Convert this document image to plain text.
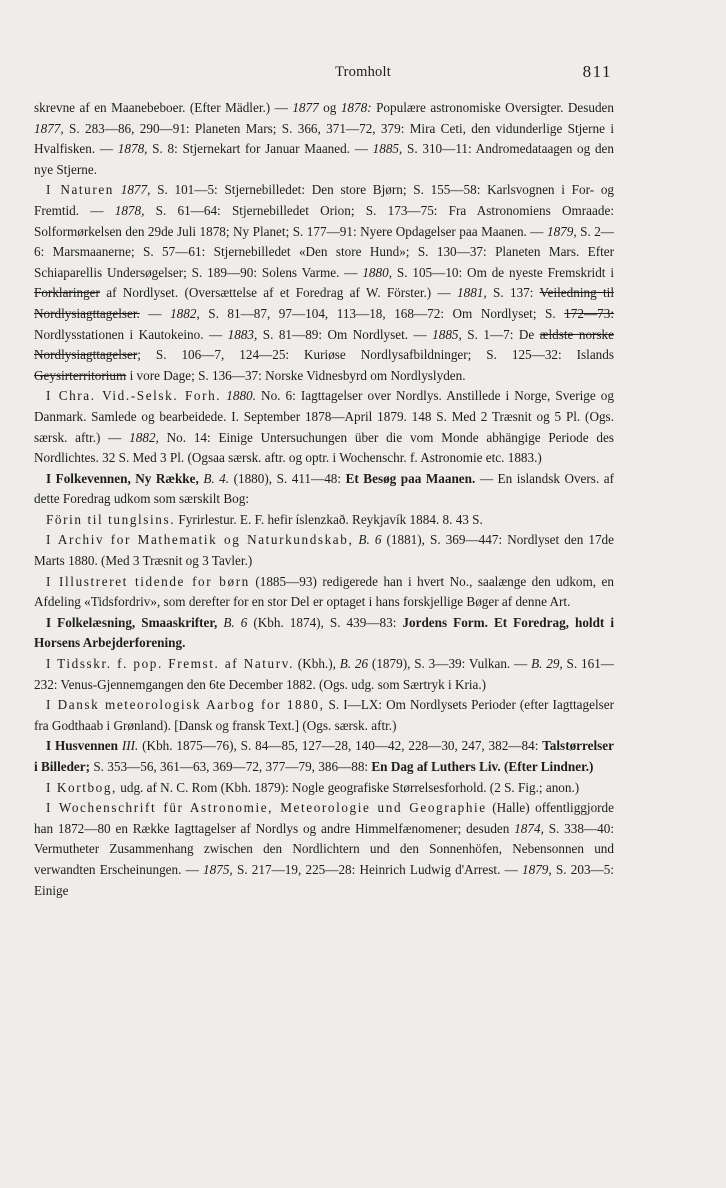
Tromholt	811

skrevne af en Maanebeboer. (Efter Mädler.) — 1877 og 1878: Populære astronomiske Oversigter. Desuden 1877, S. 283—86, 290—91: Planeten Mars; S. 366, 371—72, 379: Mira Ceti, den vidunderlige Stjerne i Hvalfisken. — 1878, S. 8: Stjernekart for Januar Maaned. — 1885, S. 310—11: Andromedataagen og den nye Stjerne.

I Naturen 1877, S. 101—5: Stjernebilledet: Den store Bjørn; S. 155—58: Karlsvognen i For- og Fremtid. — 1878, S. 61—64: Stjernebilledet Orion; S. 173—75: Fra Astronomiens Omraade: Solformørkelsen den 29de Juli 1878; Ny Planet; S. 177—91: Nyere Opdagelser paa Maanen. — 1879, S. 2—6: Marsmaanerne; S. 57—61: Stjernebilledet «Den store Hund»; S. 130—37: Planeten Mars. Efter Schiaparellis Undersøgelser; S. 189—90: Solens Varme. — 1880, S. 105—10: Om de nyeste Fremskridt i Forklaringer af Nordlyset. (Oversættelse af et Foredrag af W. Förster.) — 1881, S. 137: Veiledning til Nordlysiagttagelser. — 1882, S. 81—87, 97—104, 113—18, 168—72: Om Nordlyset; S. 172—73: Nordlysstationen i Kautokeino. — 1883, S. 81—89: Om Nordlyset. — 1885, S. 1—7: De ældste norske Nordlysiagttagelser; S. 106—7, 124—25: Kuriøse Nordlysafbildninger; S. 125—32: Islands Geysirterritorium i vore Dage; S. 136—37: Norske Vidnesbyrd om Nordlyslyden.

I Chra. Vid.-Selsk. Forh. 1880. No. 6: Iagttagelser over Nordlys. Anstillede i Norge, Sverige og Danmark. Samlede og bearbeidede. I. September 1878—April 1879. 148 S. Med 2 Træsnit og 5 Pl. (Ogs. særsk. aftr.) — 1882, No. 14: Einige Untersuchungen über die vom Monde abhängige Periode des Nordlichtes. 32 S. Med 3 Pl. (Ogsaa særsk. aftr. og optr. i Wochenschr. f. Astronomie etc. 1883.)

I Folkevennen, Ny Række, B. 4. (1880), S. 411—48: Et Besøg paa Maanen. — En islandsk Overs. af dette Foredrag udkom som særskilt Bog:

Förin til tunglsins. Fyrirlestur. E. F. hefir íslenzkað. Reykjavík 1884. 8. 43 S.

I Archiv for Mathematik og Naturkundskab, B. 6 (1881), S. 369—447: Nordlyset den 17de Marts 1880. (Med 3 Træsnit og 3 Tavler.)

I Illustreret tidende for børn (1885—93) redigerede han i hvert No., saalænge den udkom, en Afdeling «Tidsfordriv», som derefter for en stor Del er optaget i hans forskjellige Bøger af denne Art.

I Folkelæsning, Smaaskrifter, B. 6 (Kbh. 1874), S. 439—83: Jordens Form. Et Foredrag, holdt i Horsens Arbejderforening.

I Tidsskr. f. pop. Fremst. af Naturv. (Kbh.), B. 26 (1879), S. 3—39: Vulkan. — B. 29, S. 161—232: Venus-Gjennemgangen den 6te December 1882. (Ogs. udg. som Særtryk i Kria.)

I Dansk meteorologisk Aarbog for 1880, S. I—LX: Om Nordlysets Perioder (efter Iagttagelser fra Godthaab i Grønland). [Dansk og fransk Text.] (Ogs. særsk. aftr.)

I Husvennen III. (Kbh. 1875—76), S. 84—85, 127—28, 140—42, 228—30, 247, 382—84: Talstørrelser i Billeder; S. 353—56, 361—63, 369—72, 377—79, 386—88: En Dag af Luthers Liv. (Efter Lindner.)

I Kortbog, udg. af N. C. Rom (Kbh. 1879): Nogle geografiske Størrelsesforhold. (2 S. Fig.; anon.)

I Wochenschrift für Astronomie, Meteorologie und Geographie (Halle) offentliggjorde han 1872—80 en Række Iagttagelser af Nordlys og andre Himmelfænomener; desuden 1874, S. 338—40: Vermutheter Zusammenhang zwischen den Nordlichtern und den Sonnenhöfen, Nebensonnen und verwandten Erscheinungen. — 1875, S. 217—19, 225—28: Heinrich Ludwig d'Arrest. — 1879, S. 203—5: Einige
